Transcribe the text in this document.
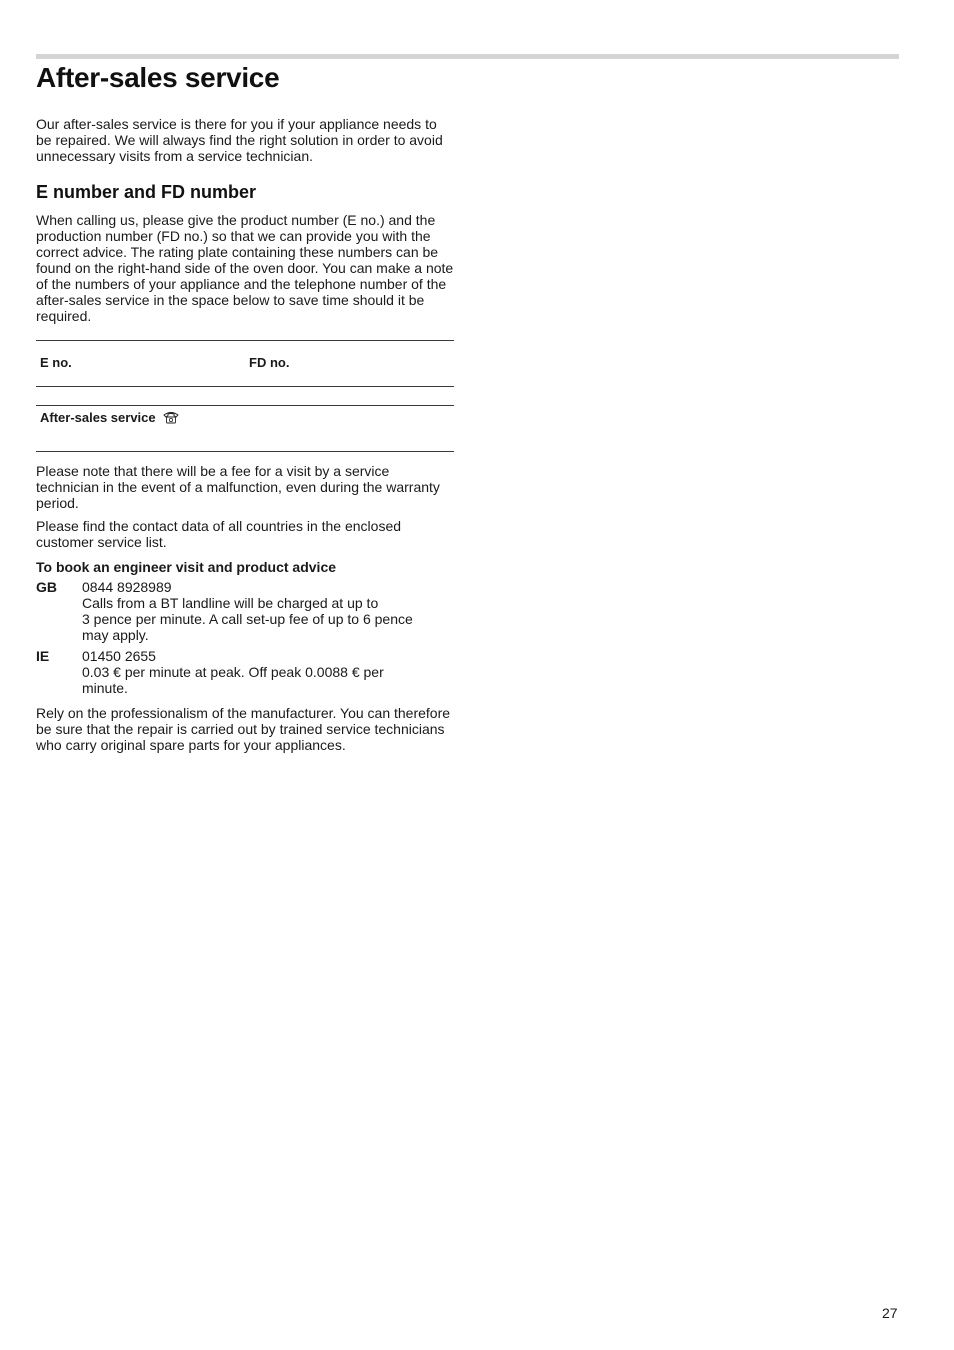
After-sales service

Our after-sales service is there for you if your appliance needs to be repaired. We will always find the right solution in order to avoid unnecessary visits from a service technician.

E number and FD number

When calling us, please give the product number (E no.) and the production number (FD no.) so that we can provide you with the correct advice. The rating plate containing these numbers can be found on the right-hand side of the oven door. You can make a note of the numbers of your appliance and the telephone number of the after-sales service in the space below to save time should it be required.

E no.	FD no.
After-sales service

Please note that there will be a fee for a visit by a service technician in the event of a malfunction, even during the warranty period.

Please find the contact data of all countries in the enclosed customer service list.

To book an engineer visit and product advice
GB	0844 8928989
Calls from a BT landline will be charged at up to
3 pence per minute. A call set-up fee of up to 6 pence
may apply.
IE	01450 2655
0.03 € per minute at peak. Off peak 0.0088 € per
minute.

Rely on the professionalism of the manufacturer. You can therefore be sure that the repair is carried out by trained service technicians who carry original spare parts for your appliances.

27
